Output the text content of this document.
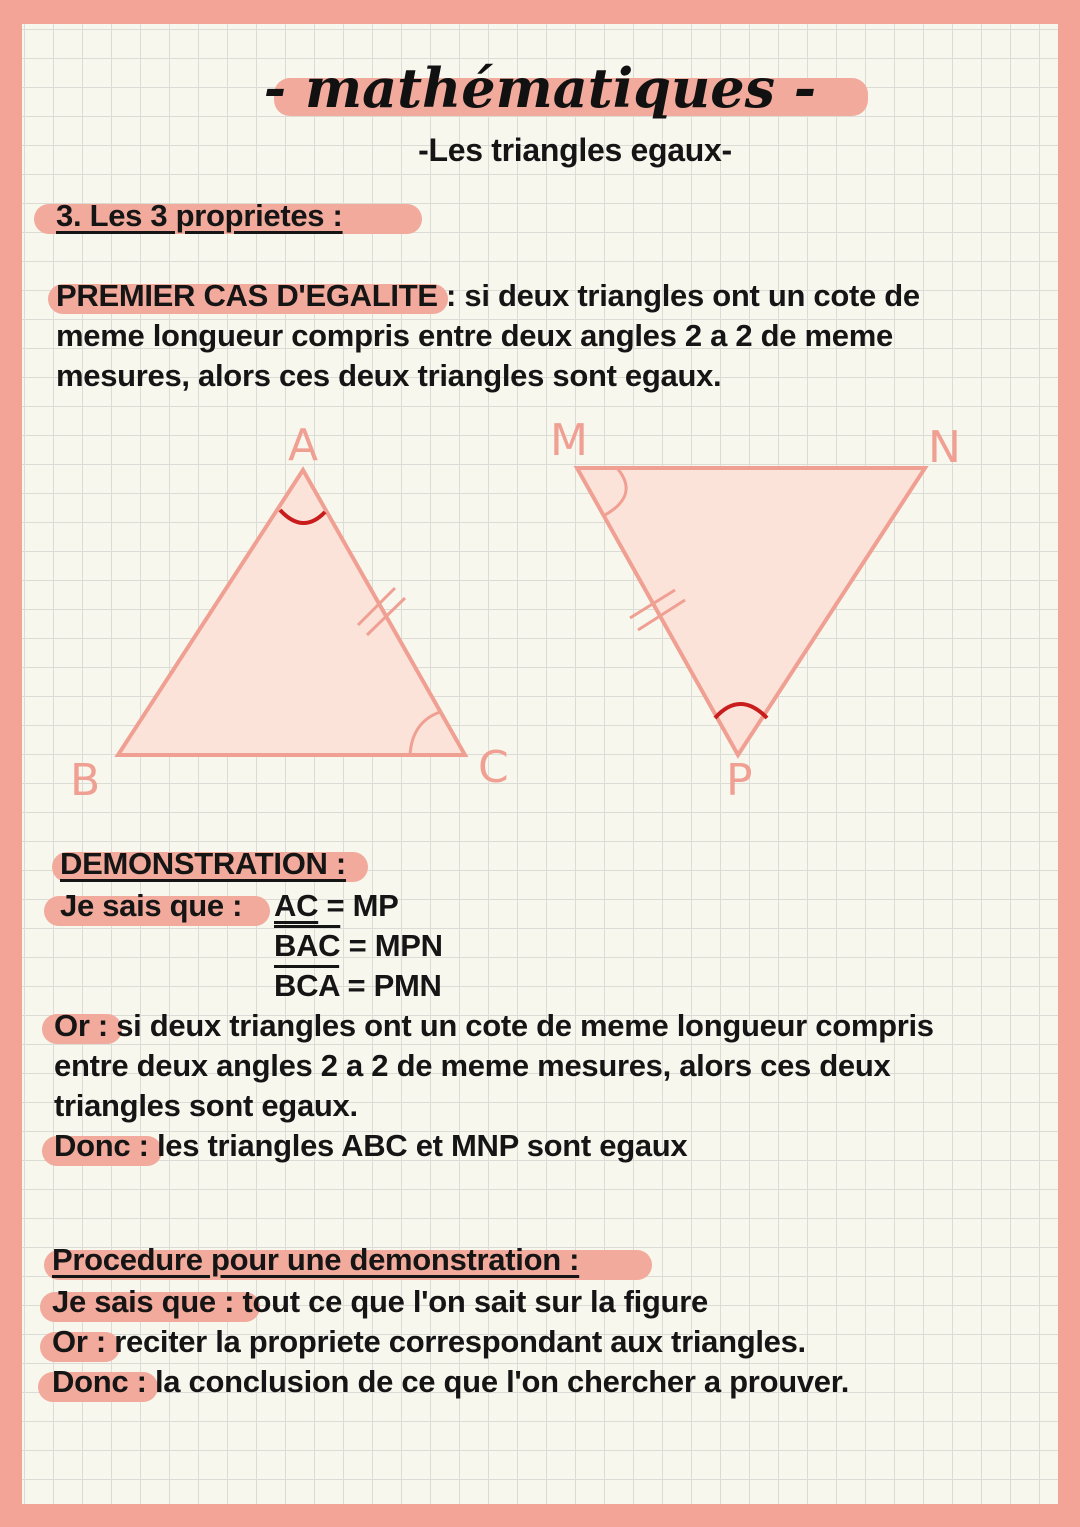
- mathématiques -
-Les triangles egaux-
3. Les 3 proprietes :
PREMIER CAS D'EGALITE : si deux triangles ont un cote de
meme longueur compris entre deux angles 2 a 2 de meme
mesures, alors ces deux triangles sont egaux.
A
B	C
M	N
P
DEMONSTRATION :
Je sais que : AC = MP
$\overline{BAC}$ = MPN
$\overline{BCA}$ = PMN
Or : si deux triangles ont un cote de meme longueur compris
entre deux angles 2 a 2 de meme mesures, alors ces deux
triangles sont egaux.
Donc : les triangles ABC et MNP sont egaux
Procedure pour une demonstration :
Je sais que : tout ce que l'on sait sur la figure
Or : reciter la propriete correspondant aux triangles.
Donc : la conclusion de ce que l'on chercher a prouver.
